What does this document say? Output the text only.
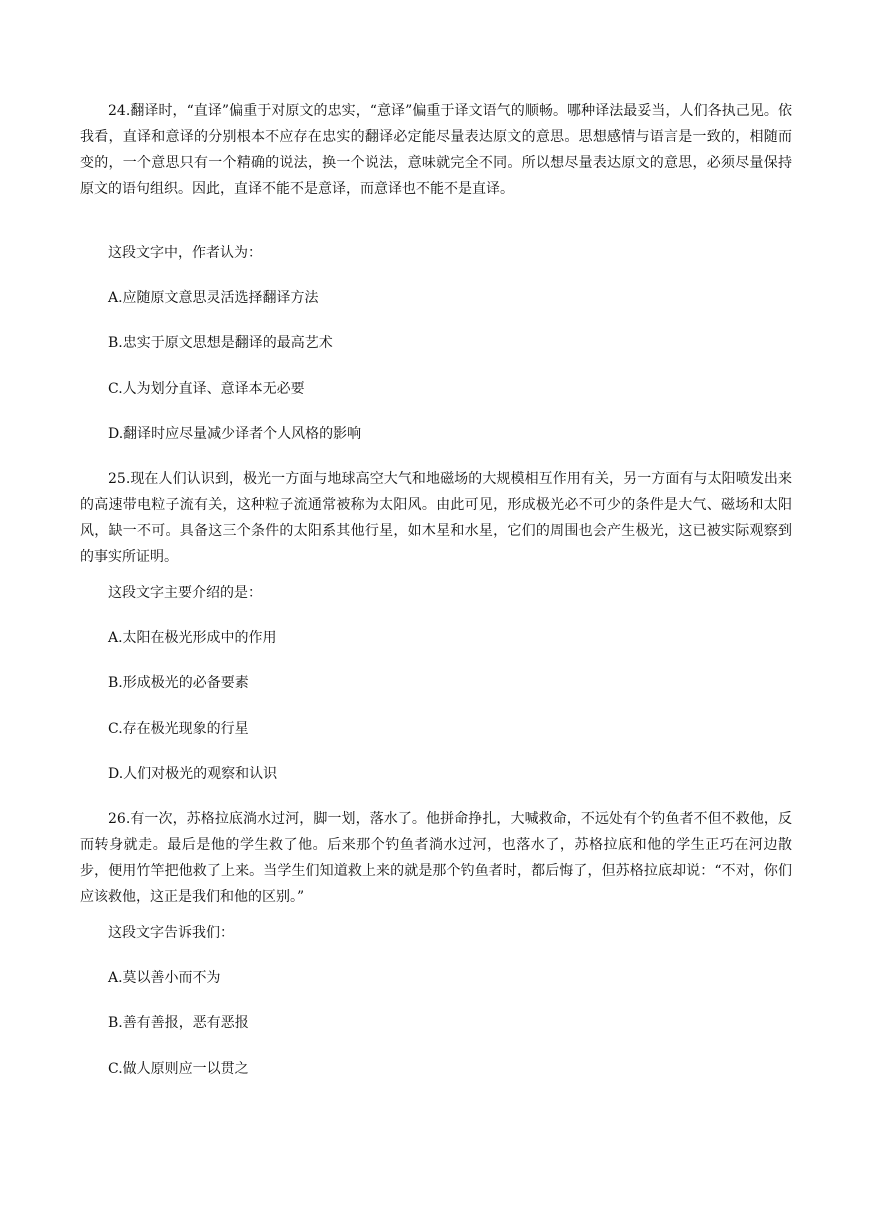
24.翻译时，“直译”偏重于对原文的忠实，“意译”偏重于译文语气的顺畅。哪种译法最妥当，人们各执己见。依我看，直译和意译的分别根本不应存在忠实的翻译必定能尽量表达原文的意思。思想感情与语言是一致的，相随而变的，一个意思只有一个精确的说法，换一个说法，意味就完全不同。所以想尽量表达原文的意思，必须尽量保持原文的语句组织。因此，直译不能不是意译，而意译也不能不是直译。

这段文字中，作者认为：

A.应随原文意思灵活选择翻译方法

B.忠实于原文思想是翻译的最高艺术

C.人为划分直译、意译本无必要

D.翻译时应尽量减少译者个人风格的影响

25.现在人们认识到，极光一方面与地球高空大气和地磁场的大规模相互作用有关，另一方面有与太阳喷发出来的高速带电粒子流有关，这种粒子流通常被称为太阳风。由此可见，形成极光必不可少的条件是大气、磁场和太阳风，缺一不可。具备这三个条件的太阳系其他行星，如木星和水星，它们的周围也会产生极光，这已被实际观察到的事实所证明。

这段文字主要介绍的是：

A.太阳在极光形成中的作用

B.形成极光的必备要素

C.存在极光现象的行星

D.人们对极光的观察和认识

26.有一次，苏格拉底淌水过河，脚一划，落水了。他拼命挣扎，大喊救命，不远处有个钓鱼者不但不救他，反而转身就走。最后是他的学生救了他。后来那个钓鱼者淌水过河，也落水了，苏格拉底和他的学生正巧在河边散步，便用竹竿把他救了上来。当学生们知道救上来的就是那个钓鱼者时，都后悔了，但苏格拉底却说：“不对，你们应该救他，这正是我们和他的区别。”

这段文字告诉我们：

A.莫以善小而不为

B.善有善报，恶有恶报

C.做人原则应一以贯之
